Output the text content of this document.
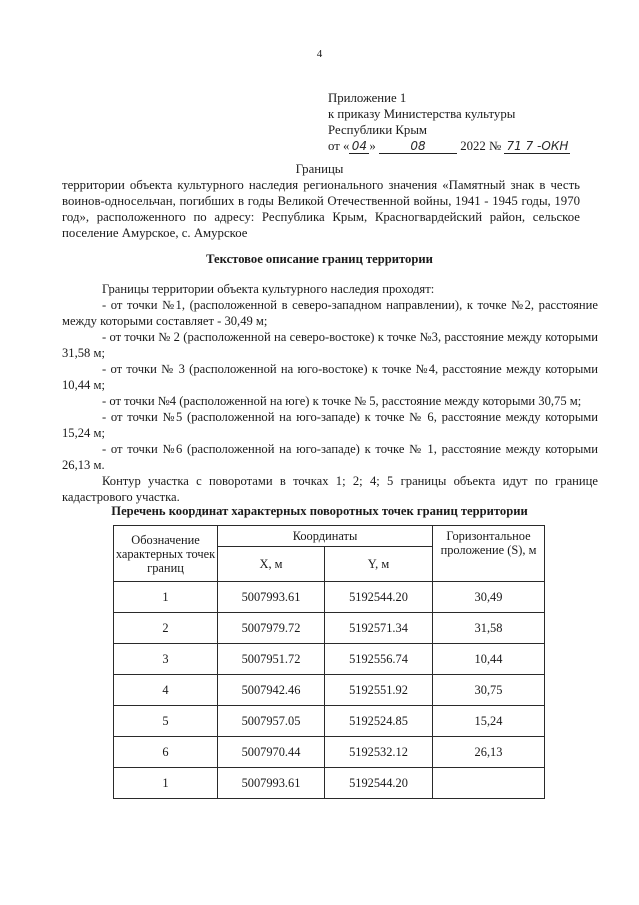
4
Приложение 1
к приказу Министерства культуры
Республики Крым
от « 04 »	08	2022 № 71 7 -ОКН
Границы
территории объекта культурного наследия регионального значения «Памятный знак в честь воинов-односельчан, погибших в годы Великой Отечественной войны, 1941 - 1945 годы, 1970 год», расположенного по адресу: Республика Крым, Красногвардейский район, сельское поселение Амурское, с. Амурское
Текстовое описание границ территории

Границы территории объекта культурного наследия проходят:

- от точки №1, (расположенной в северо-западном направлении), к точке №2, расстояние между которыми составляет - 30,49 м;

- от точки № 2 (расположенной на северо-востоке) к точке №3, расстояние между которыми 31,58 м;

- от точки № 3 (расположенной на юго-востоке) к точке №4, расстояние между которыми 10,44 м;

- от точки №4 (расположенной на юге) к точке № 5, расстояние между которыми 30,75 м;

- от точки №5 (расположенной на юго-западе) к точке № 6, расстояние между которыми 15,24 м;

- от точки №6 (расположенной на юго-западе) к точке № 1, расстояние между которыми 26,13 м.

Контур участка с поворотами в точках 1; 2; 4; 5 границы объекта идут по границе кадастрового участка.

Перечень координат характерных поворотных точек границ территории
Обозначение характерных точек границ	Координаты		Горизонтальное проложение (S), м
	X, м	Y, м	
1	5007993.61	5192544.20	30,49
2	5007979.72	5192571.34	31,58
3	5007951.72	5192556.74	10,44
4	5007942.46	5192551.92	30,75
5	5007957.05	5192524.85	15,24
6	5007970.44	5192532.12	26,13
1	5007993.61	5192544.20	
